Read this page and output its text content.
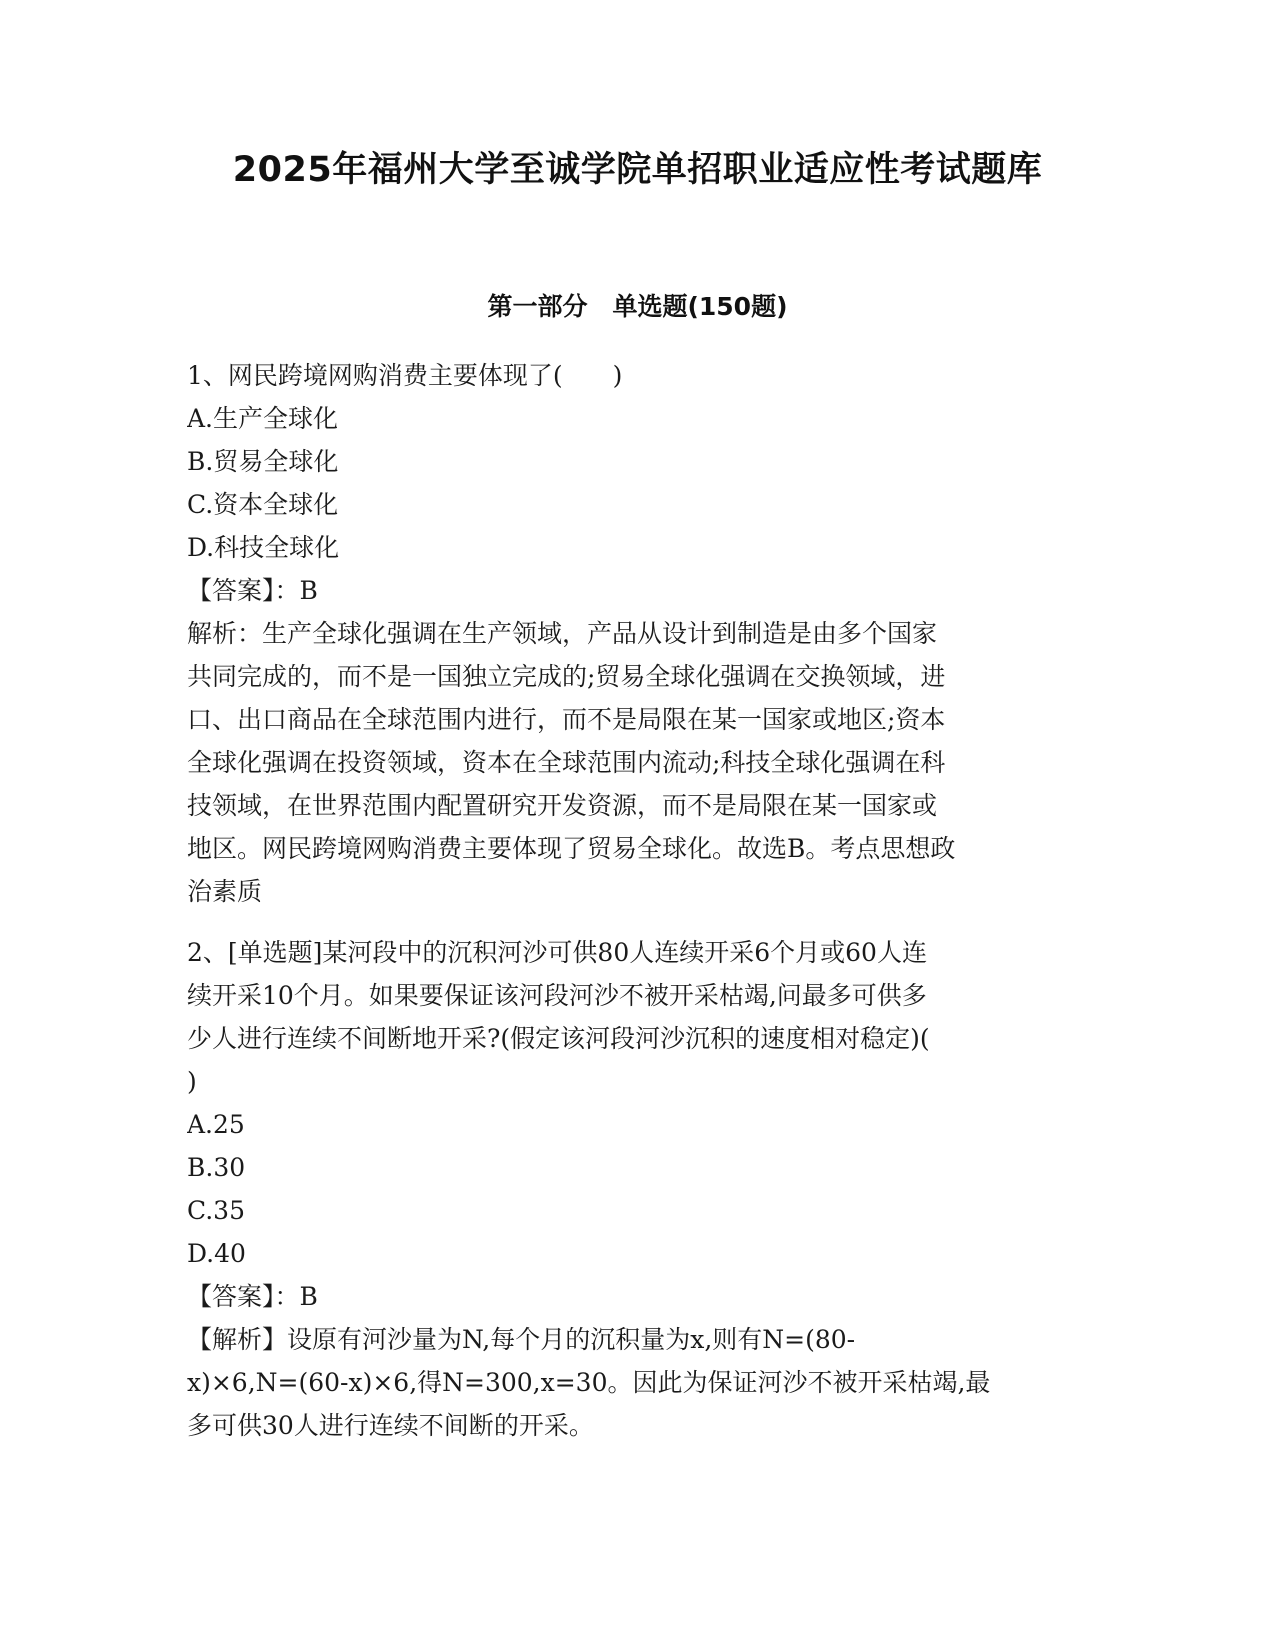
2025年福州大学至诚学院单招职业适应性考试题库
第一部分　单选题(150题)
1、网民跨境网购消费主要体现了(　　)
A.生产全球化
B.贸易全球化
C.资本全球化
D.科技全球化
【答案】：B
解析：生产全球化强调在生产领域，产品从设计到制造是由多个国家
共同完成的，而不是一国独立完成的;贸易全球化强调在交换领域，进
口、出口商品在全球范围内进行，而不是局限在某一国家或地区;资本
全球化强调在投资领域，资本在全球范围内流动;科技全球化强调在科
技领域，在世界范围内配置研究开发资源，而不是局限在某一国家或
地区。网民跨境网购消费主要体现了贸易全球化。故选B。考点思想政
治素质
2、[单选题]某河段中的沉积河沙可供80人连续开采6个月或60人连
续开采10个月。如果要保证该河段河沙不被开采枯竭,问最多可供多
少人进行连续不间断地开采?(假定该河段河沙沉积的速度相对稳定)(
)
A.25
B.30
C.35
D.40
【答案】：B
【解析】设原有河沙量为N,每个月的沉积量为x,则有N=(80-
x)×6,N=(60-x)×6,得N=300,x=30。因此为保证河沙不被开采枯竭,最
多可供30人进行连续不间断的开采。
